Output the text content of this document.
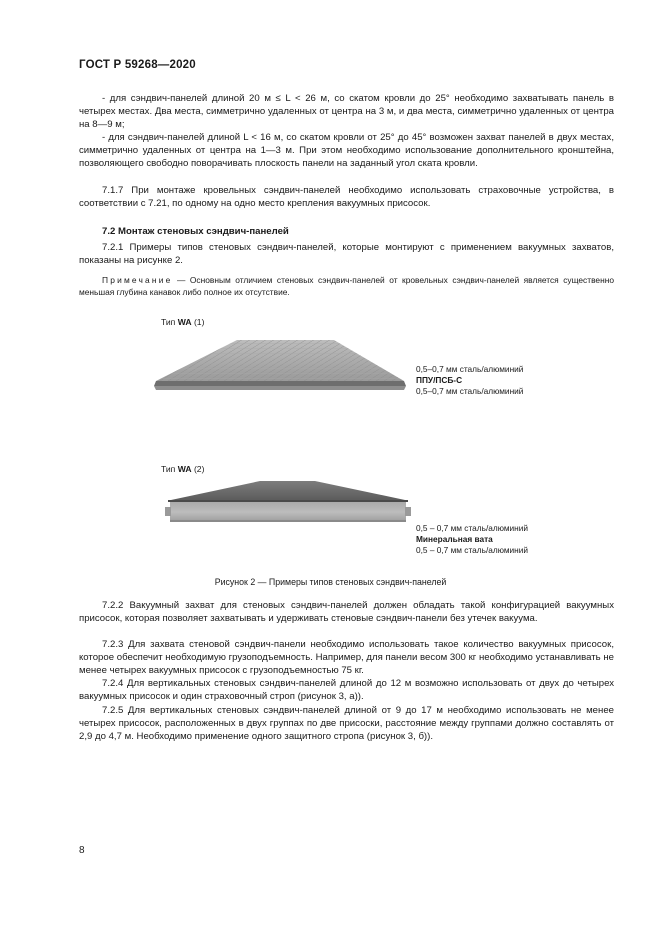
ГОСТ Р 59268—2020
- для сэндвич-панелей длиной 20 м ≤ L < 26 м, со скатом кровли до 25° необходимо захватывать панель в четырех местах. Два места, симметрично удаленных от центра на 3 м, и два места, симметрично удаленных от центра на 8—9 м;
- для сэндвич-панелей длиной L < 16 м, со скатом кровли от 25° до 45° возможен захват панелей в двух местах, симметрично удаленных от центра на 1—3 м. При этом необходимо использование дополнительного кронштейна, позволяющего свободно поворачивать плоскость панели на заданный угол ската кровли.
7.1.7 При монтаже кровельных сэндвич-панелей необходимо использовать страховочные устройства, в соответствии с 7.21, по одному на одно место крепления вакуумных присосок.
7.2 Монтаж стеновых сэндвич-панелей
7.2.1 Примеры типов стеновых сэндвич-панелей, которые монтируют с применением вакуумных захватов, показаны на рисунке 2.
Примечание — Основным отличием стеновых сэндвич-панелей от кровельных сэндвич-панелей является существенно меньшая глубина канавок либо полное их отсутствие.
Тип WA (1)
0,5–0,7 мм сталь/алюминий
ППУ/ПСБ-С
0,5–0,7 мм сталь/алюминий
Тип WA (2)
0,5 – 0,7 мм сталь/алюминий
Минеральная вата
0,5 – 0,7 мм сталь/алюминий
Рисунок 2 — Примеры типов стеновых сэндвич-панелей
7.2.2 Вакуумный захват для стеновых сэндвич-панелей должен обладать такой конфигурацией вакуумных присосок, которая позволяет захватывать и удерживать стеновые сэндвич-панели без утечек вакуума.
7.2.3 Для захвата стеновой сэндвич-панели необходимо использовать такое количество вакуумных присосок, которое обеспечит необходимую грузоподъемность. Например, для панели весом 300 кг необходимо устанавливать не менее четырех вакуумных присосок с грузоподъемностью 75 кг.
7.2.4 Для вертикальных стеновых сэндвич-панелей длиной до 12 м возможно использовать от двух до четырех вакуумных присосок и один страховочный строп (рисунок 3, а)).
7.2.5 Для вертикальных стеновых сэндвич-панелей длиной от 9 до 17 м необходимо использовать не менее четырех присосок, расположенных в двух группах по две присоски, расстояние между группами должно составлять от 2,9 до 4,7 м. Необходимо применение одного защитного стропа (рисунок 3, б)).
8
